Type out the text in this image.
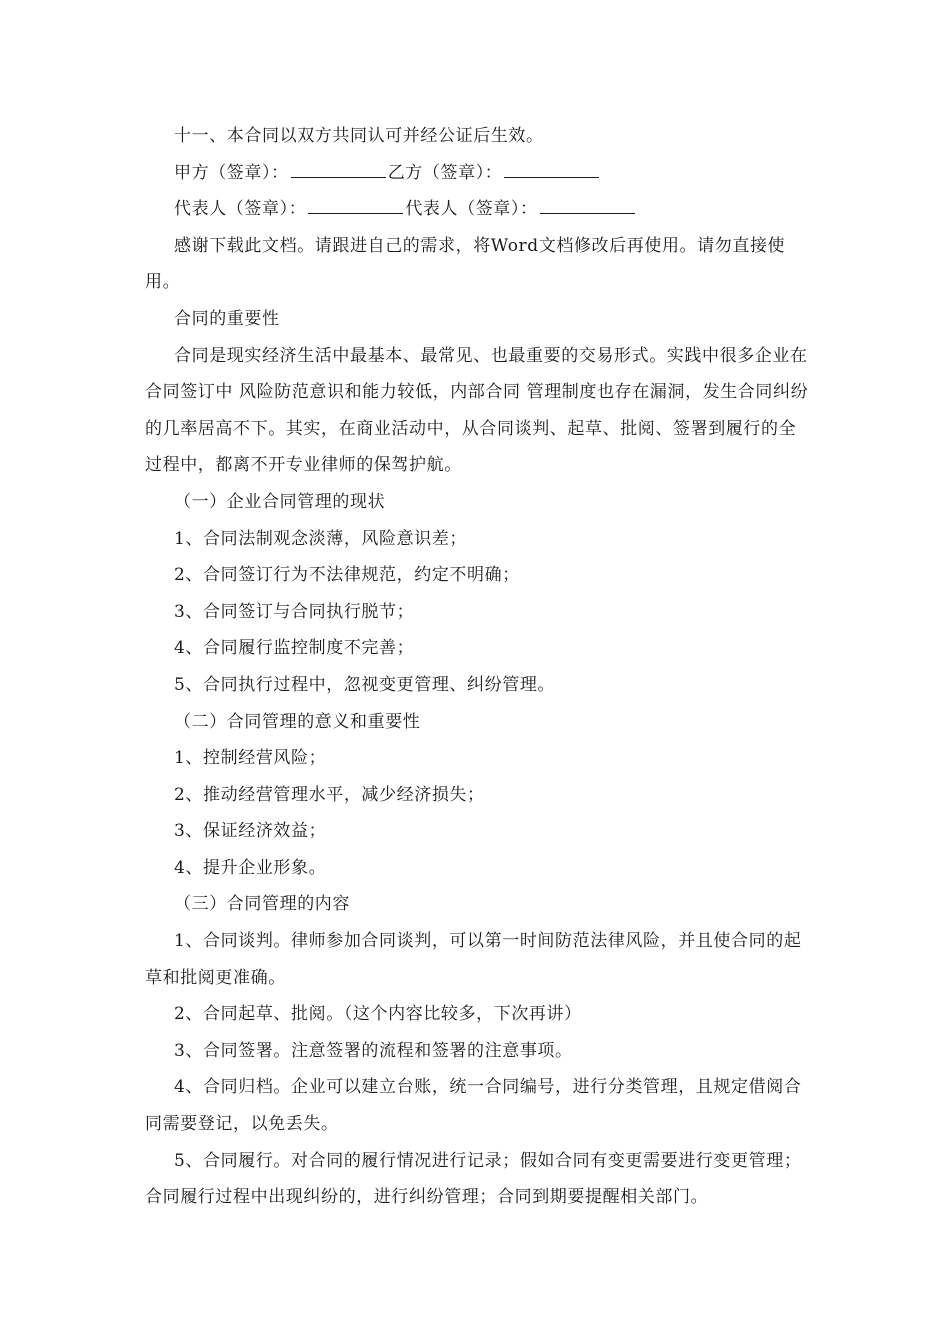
十一、本合同以双方共同认可并经公证后生效。

甲方（签章）：	乙方（签章）：

代表人（签章）：	代表人（签章）：

感谢下载此文档。请跟进自己的需求，将Word文档修改后再使用。请勿直接使用。

合同的重要性

合同是现实经济生活中最基本、最常见、也最重要的交易形式。实践中很多企业在合同签订中 风险防范意识和能力较低，内部合同 管理制度也存在漏洞，发生合同纠纷的几率居高不下。其实，在商业活动中，从合同谈判、起草、批阅、签署到履行的全过程中，都离不开专业律师的保驾护航。

（一）企业合同管理的现状

1、合同法制观念淡薄，风险意识差；

2、合同签订行为不法律规范，约定不明确；

3、合同签订与合同执行脱节；

4、合同履行监控制度不完善；

5、合同执行过程中，忽视变更管理、纠纷管理。

（二）合同管理的意义和重要性

1、控制经营风险；

2、推动经营管理水平，减少经济损失；

3、保证经济效益；

4、提升企业形象。

（三）合同管理的内容

1、合同谈判。律师参加合同谈判，可以第一时间防范法律风险，并且使合同的起草和批阅更准确。

2、合同起草、批阅。（这个内容比较多，下次再讲）

3、合同签署。注意签署的流程和签署的注意事项。

4、合同归档。企业可以建立台账，统一合同编号，进行分类管理，且规定借阅合同需要登记，以免丢失。

5、合同履行。对合同的履行情况进行记录；假如合同有变更需要进行变更管理；合同履行过程中出现纠纷的，进行纠纷管理；合同到期要提醒相关部门。
